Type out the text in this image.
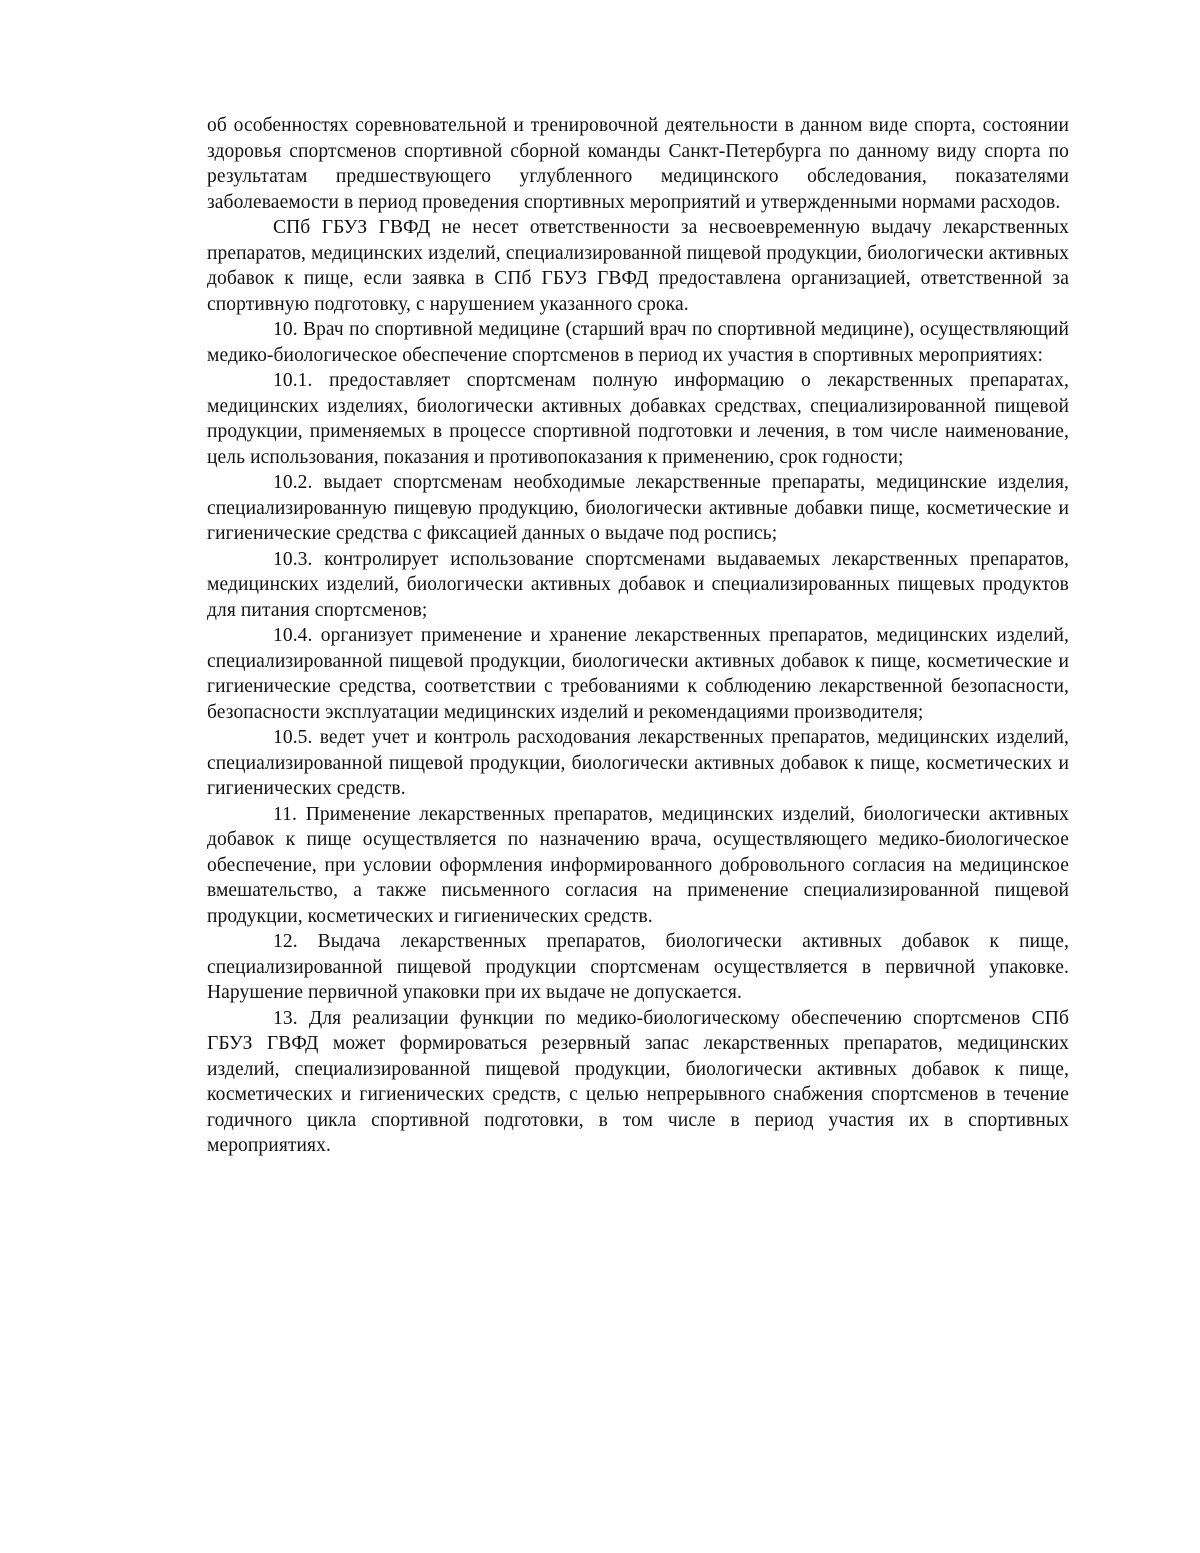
об особенностях соревновательной и тренировочной деятельности в данном виде спорта, состоянии здоровья спортсменов спортивной сборной команды Санкт-Петербурга по данному виду спорта по результатам предшествующего углубленного медицинского обследования, показателями заболеваемости в период проведения спортивных мероприятий и утвержденными нормами расходов.

СПб ГБУЗ ГВФД не несет ответственности за несвоевременную выдачу лекарственных препаратов, медицинских изделий, специализированной пищевой продукции, биологически активных добавок к пище, если заявка в СПб ГБУЗ ГВФД предоставлена организацией, ответственной за спортивную подготовку, с нарушением указанного срока.

10. Врач по спортивной медицине (старший врач по спортивной медицине), осуществляющий медико-биологическое обеспечение спортсменов в период их участия в спортивных мероприятиях:

10.1. предоставляет спортсменам полную информацию о лекарственных препаратах, медицинских изделиях, биологически активных добавках средствах, специализированной пищевой продукции, применяемых в процессе спортивной подготовки и лечения, в том числе наименование, цель использования, показания и противопоказания к применению, срок годности;

10.2. выдает спортсменам необходимые лекарственные препараты, медицинские изделия, специализированную пищевую продукцию, биологически активные добавки пище, косметические и гигиенические средства с фиксацией данных о выдаче под роспись;

10.3. контролирует использование спортсменами выдаваемых лекарственных препаратов, медицинских изделий, биологически активных добавок и специализированных пищевых продуктов для питания спортсменов;

10.4. организует применение и хранение лекарственных препаратов, медицинских изделий, специализированной пищевой продукции, биологически активных добавок к пище, косметические и гигиенические средства, соответствии с требованиями к соблюдению лекарственной безопасности, безопасности эксплуатации медицинских изделий и рекомендациями производителя;

10.5. ведет учет и контроль расходования лекарственных препаратов, медицинских изделий, специализированной пищевой продукции, биологически активных добавок к пище, косметических и гигиенических средств.

11. Применение лекарственных препаратов, медицинских изделий, биологически активных добавок к пище осуществляется по назначению врача, осуществляющего медико-биологическое обеспечение, при условии оформления информированного добровольного согласия на медицинское вмешательство, а также письменного согласия на применение специализированной пищевой продукции, косметических и гигиенических средств.

12. Выдача лекарственных препаратов, биологически активных добавок к пище, специализированной пищевой продукции спортсменам осуществляется в первичной упаковке. Нарушение первичной упаковки при их выдаче не допускается.

13. Для реализации функции по медико-биологическому обеспечению спортсменов СПб ГБУЗ ГВФД может формироваться резервный запас лекарственных препаратов, медицинских изделий, специализированной пищевой продукции, биологически активных добавок к пище, косметических и гигиенических средств, с целью непрерывного снабжения спортсменов в течение годичного цикла спортивной подготовки, в том числе в период участия их в спортивных мероприятиях.
